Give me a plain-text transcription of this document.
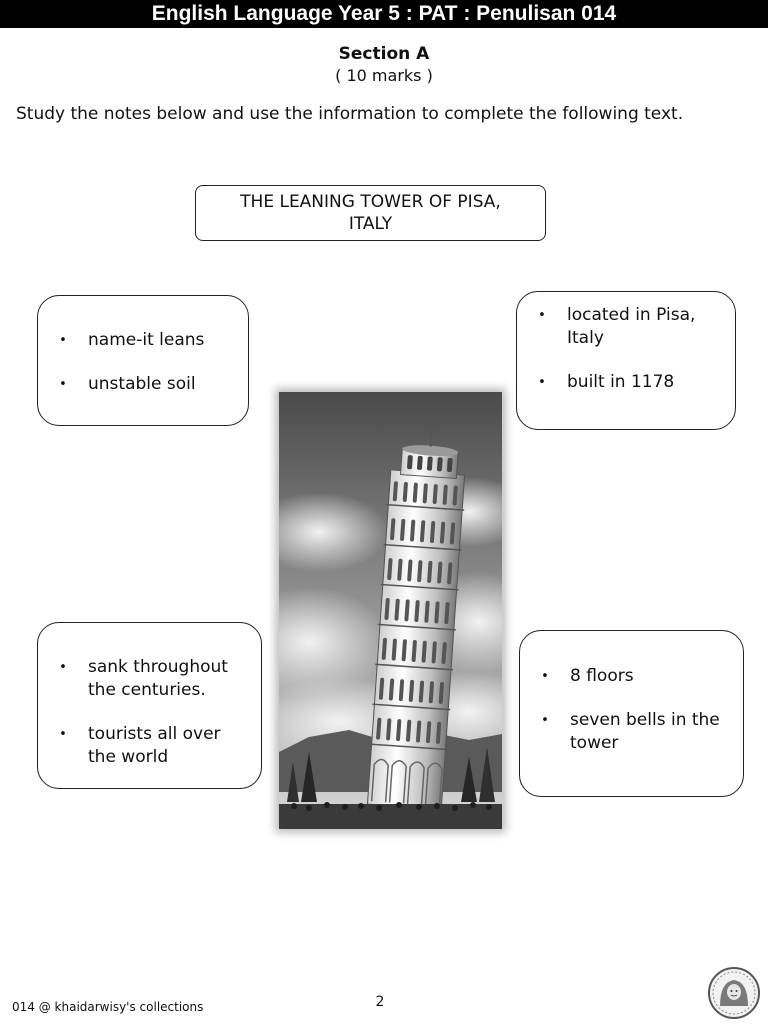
English Language Year 5 : PAT : Penulisan 014
Section A
( 10 marks )
Study the notes below and use the information to complete the following text.
THE LEANING TOWER OF PISA, ITALY
• name-it leans
• unstable soil
• located in Pisa, Italy
• built in 1178
• sank throughout the centuries.
• tourists all over the world
• 8 floors
• seven bells in the tower
014 @ khaidarwisy's collections	2
